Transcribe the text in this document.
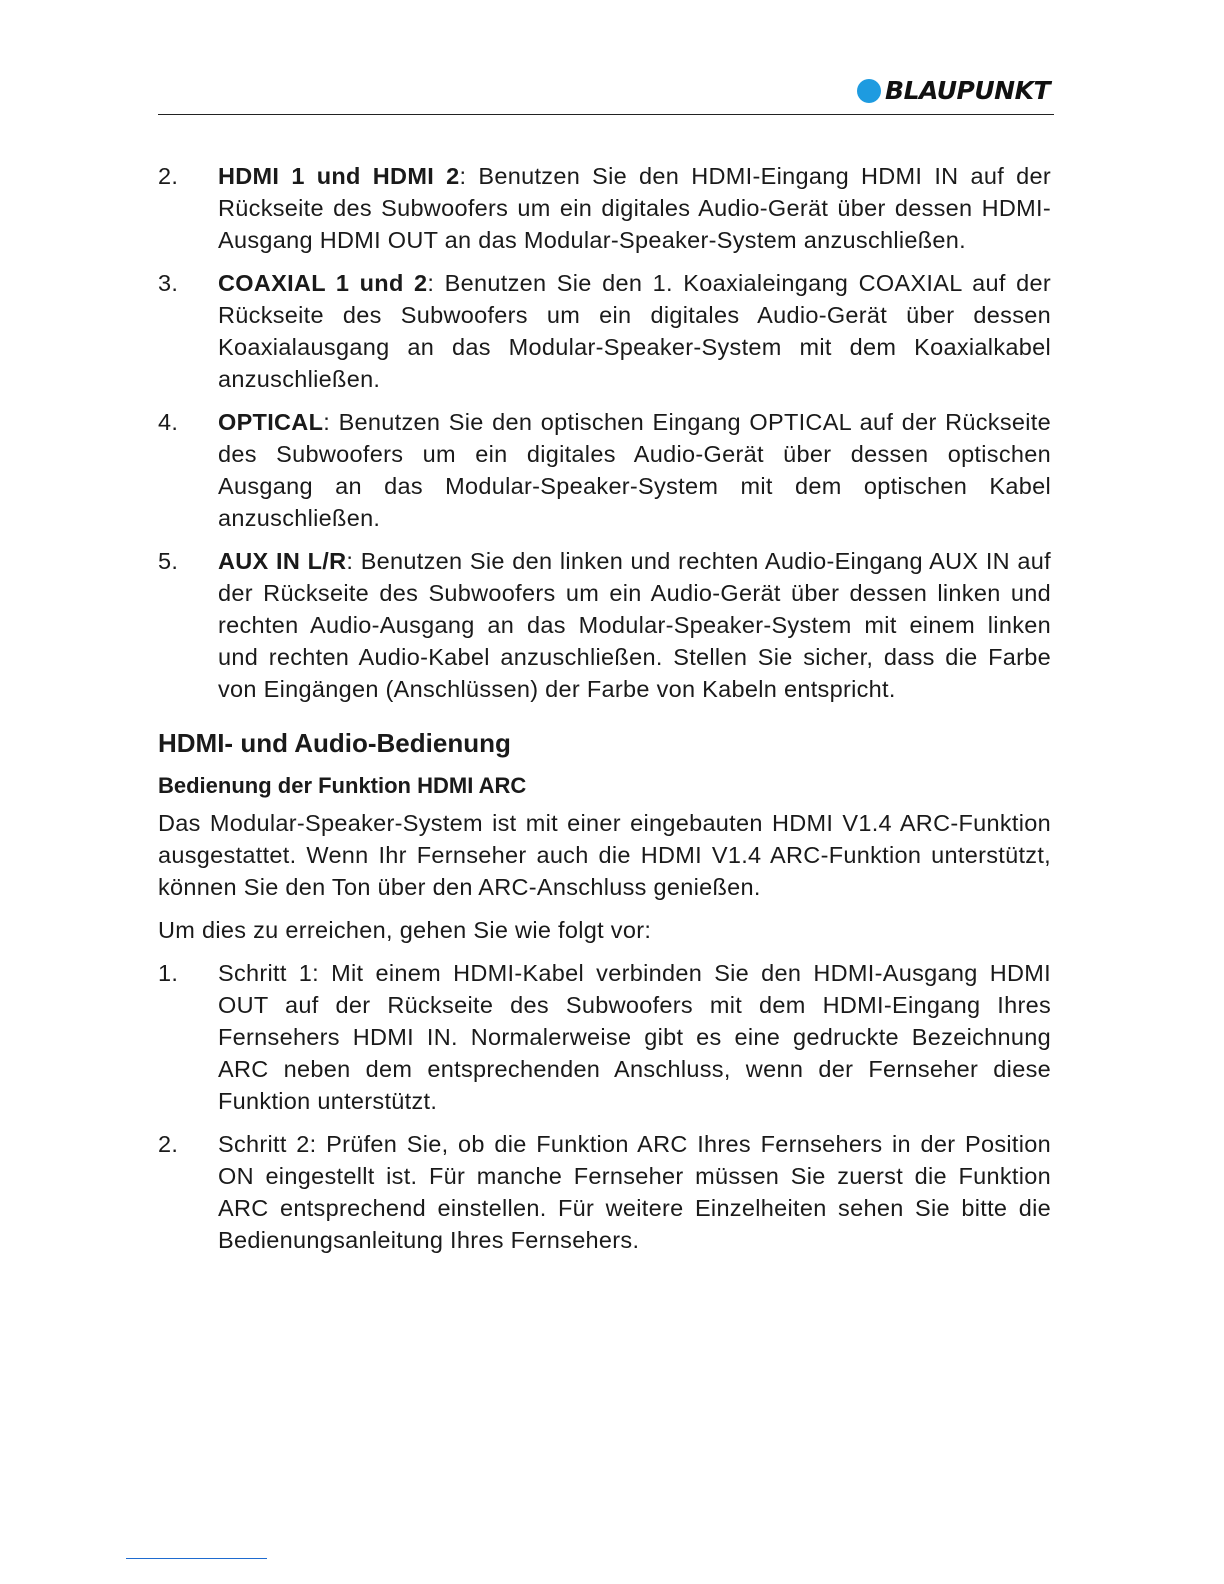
BLAUPUNKT
2.	HDMI 1 und HDMI 2: Benutzen Sie den HDMI-Eingang HDMI IN auf der Rückseite des Subwoofers um ein digitales Audio-Gerät über dessen HDMI-Ausgang HDMI OUT an das Modular-Speaker-System anzuschließen.
3.	COAXIAL 1 und 2: Benutzen Sie den 1. Koaxialeingang COAXIAL auf der Rückseite des Subwoofers um ein digitales Audio-Gerät über dessen Koaxialausgang an das Modular-Speaker-System mit dem Koaxialkabel anzuschließen.
4.	OPTICAL: Benutzen Sie den optischen Eingang OPTICAL auf der Rückseite des Subwoofers um ein digitales Audio-Gerät über dessen optischen Ausgang an das Modular-Speaker-System mit dem optischen Kabel anzuschließen.
5.	AUX IN L/R: Benutzen Sie den linken und rechten Audio-Eingang AUX IN auf der Rückseite des Subwoofers um ein Audio-Gerät über dessen linken und rechten Audio-Ausgang an das Modular-Speaker-System mit einem linken und rechten Audio-Kabel anzuschließen. Stellen Sie sicher, dass die Farbe von Eingängen (Anschlüssen) der Farbe von Kabeln entspricht.
HDMI- und Audio-Bedienung
Bedienung der Funktion HDMI ARC

Das Modular-Speaker-System ist mit einer eingebauten HDMI V1.4 ARC-Funktion ausgestattet. Wenn Ihr Fernseher auch die HDMI V1.4 ARC-Funktion unterstützt, können Sie den Ton über den ARC-Anschluss genießen.

Um dies zu erreichen, gehen Sie wie folgt vor:

1.	Schritt 1: Mit einem HDMI-Kabel verbinden Sie den HDMI-Ausgang HDMI OUT auf der Rückseite des Subwoofers mit dem HDMI-Eingang Ihres Fernsehers HDMI IN. Normalerweise gibt es eine gedruckte Bezeichnung ARC neben dem entsprechenden Anschluss, wenn der Fernseher diese Funktion unterstützt.
2.	Schritt 2: Prüfen Sie, ob die Funktion ARC Ihres Fernsehers in der Position ON eingestellt ist. Für manche Fernseher müssen Sie zuerst die Funktion ARC entsprechend einstellen. Für weitere Einzelheiten sehen Sie bitte die Bedienungsanleitung Ihres Fernsehers.
